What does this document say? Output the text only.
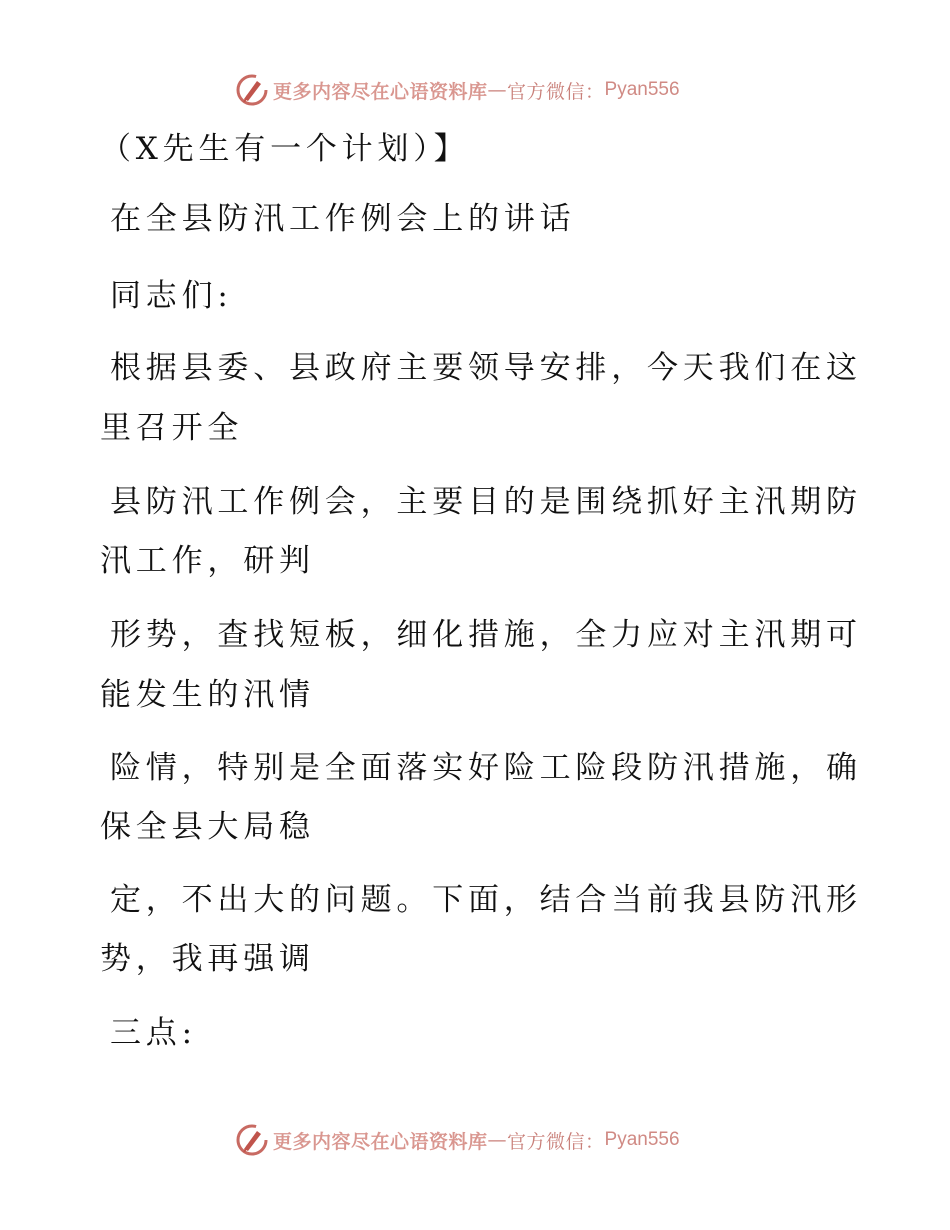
更多内容尽在心语资料库 — 官方微信： Pyan556
（X先生有一个计划）】
在全县防汛工作例会上的讲话
同志们:
根据县委、县政府主要领导安排，今天我们在这
里召开全
县防汛工作例会，主要目的是围绕抓好主汛期防
汛工作，研判
形势，查找短板，细化措施，全力应对主汛期可
能发生的汛情
险情，特别是全面落实好险工险段防汛措施，确
保全县大局稳
定，不出大的问题。下面，结合当前我县防汛形
势，我再强调
三点:
更多内容尽在心语资料库 — 官方微信： Pyan556
